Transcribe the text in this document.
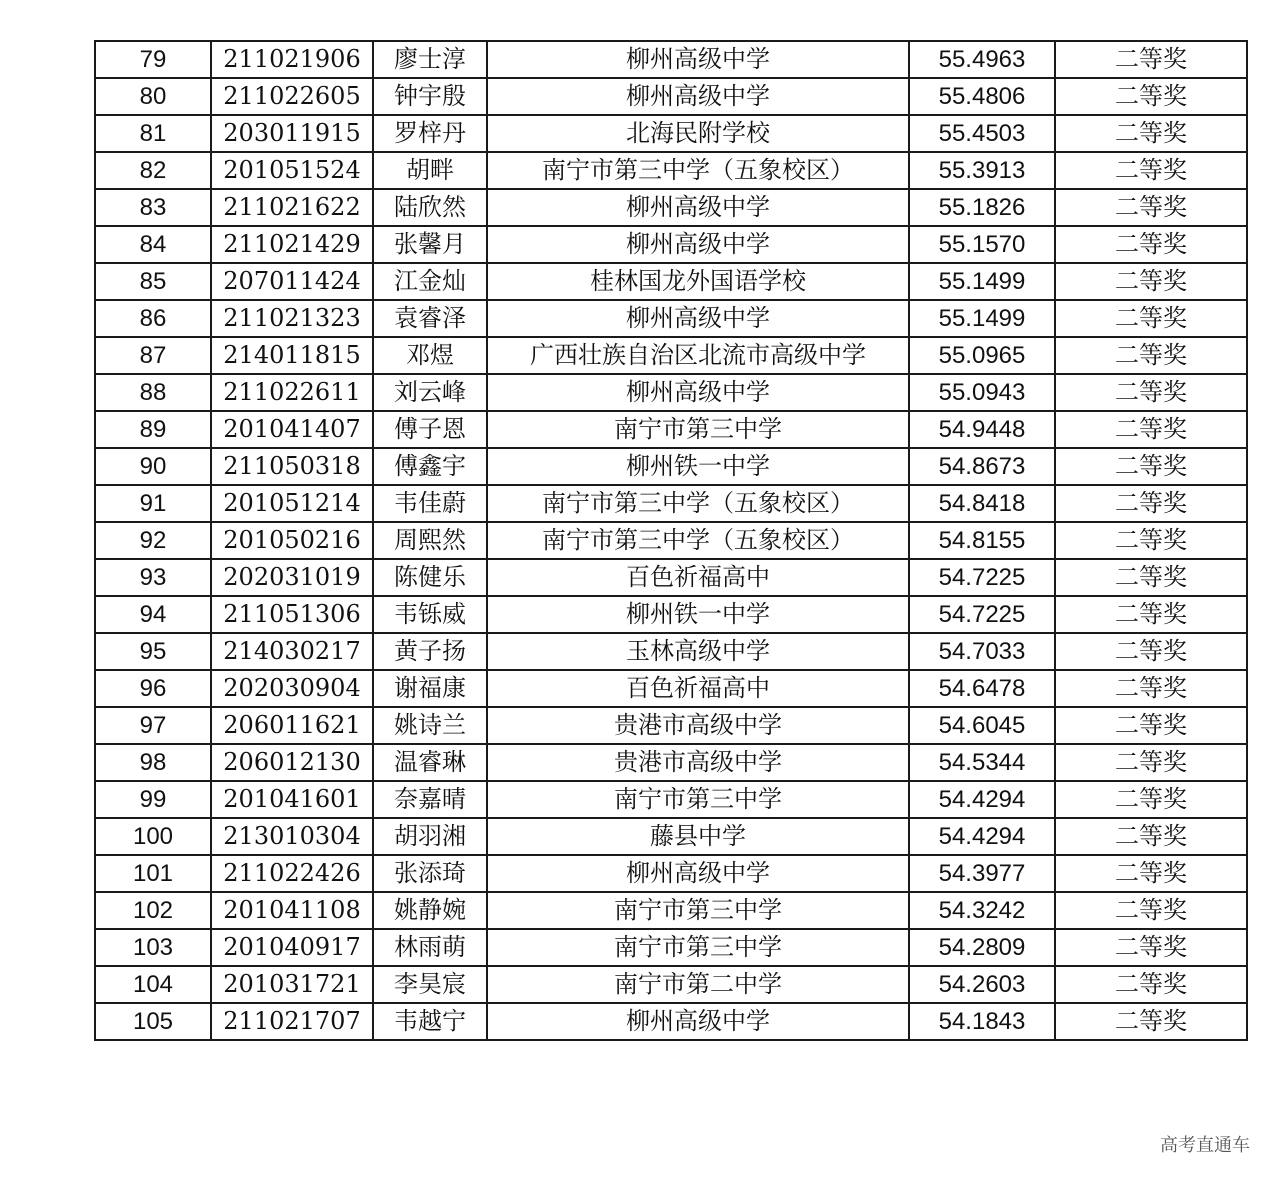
79	211021906	廖士淳	柳州高级中学	55.4963	二等奖
80	211022605	钟宇殷	柳州高级中学	55.4806	二等奖
81	203011915	罗梓丹	北海民附学校	55.4503	二等奖
82	201051524	胡畔	南宁市第三中学（五象校区）	55.3913	二等奖
83	211021622	陆欣然	柳州高级中学	55.1826	二等奖
84	211021429	张馨月	柳州高级中学	55.1570	二等奖
85	207011424	江金灿	桂林国龙外国语学校	55.1499	二等奖
86	211021323	袁睿泽	柳州高级中学	55.1499	二等奖
87	214011815	邓煜	广西壮族自治区北流市高级中学	55.0965	二等奖
88	211022611	刘云峰	柳州高级中学	55.0943	二等奖
89	201041407	傅子恩	南宁市第三中学	54.9448	二等奖
90	211050318	傅鑫宇	柳州铁一中学	54.8673	二等奖
91	201051214	韦佳蔚	南宁市第三中学（五象校区）	54.8418	二等奖
92	201050216	周熙然	南宁市第三中学（五象校区）	54.8155	二等奖
93	202031019	陈健乐	百色祈福高中	54.7225	二等奖
94	211051306	韦铄威	柳州铁一中学	54.7225	二等奖
95	214030217	黄子扬	玉林高级中学	54.7033	二等奖
96	202030904	谢福康	百色祈福高中	54.6478	二等奖
97	206011621	姚诗兰	贵港市高级中学	54.6045	二等奖
98	206012130	温睿琳	贵港市高级中学	54.5344	二等奖
99	201041601	奈嘉晴	南宁市第三中学	54.4294	二等奖
100	213010304	胡羽湘	藤县中学	54.4294	二等奖
101	211022426	张添琦	柳州高级中学	54.3977	二等奖
102	201041108	姚静婉	南宁市第三中学	54.3242	二等奖
103	201040917	林雨萌	南宁市第三中学	54.2809	二等奖
104	201031721	李昊宸	南宁市第二中学	54.2603	二等奖
105	211021707	韦越宁	柳州高级中学	54.1843	二等奖
高考直通车
